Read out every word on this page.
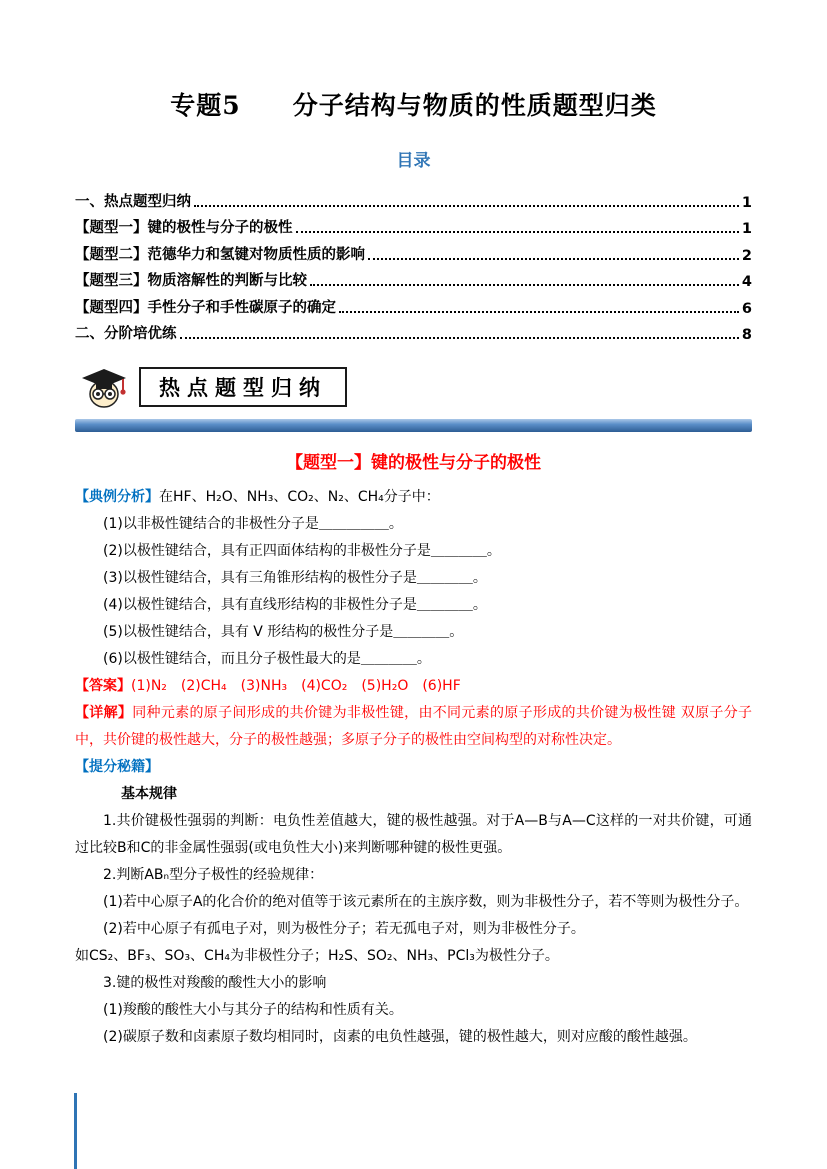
专题5　　分子结构与物质的性质题型归类
目录
一、热点题型归纳	1
【题型一】键的极性与分子的极性	1
【题型二】范德华力和氢键对物质性质的影响	2
【题型三】物质溶解性的判断与比较	4
【题型四】手性分子和手性碳原子的确定	6
二、分阶培优练	8
热点题型归纳
【题型一】键的极性与分子的极性

【典例分析】在HF、H₂O、NH₃、CO₂、N₂、CH₄分子中：

(1)以非极性键结合的非极性分子是＿＿＿＿＿。

(2)以极性键结合，具有正四面体结构的非极性分子是＿＿＿＿。

(3)以极性键结合，具有三角锥形结构的极性分子是＿＿＿＿。

(4)以极性键结合，具有直线形结构的非极性分子是＿＿＿＿。

(5)以极性键结合，具有 V 形结构的极性分子是＿＿＿＿。

(6)以极性键结合，而且分子极性最大的是＿＿＿＿。

【答案】(1)N₂　(2)CH₄　(3)NH₃　(4)CO₂　(5)H₂O　(6)HF

【详解】同种元素的原子间形成的共价键为非极性键，由不同元素的原子形成的共价键为极性键 双原子分子中，共价键的极性越大，分子的极性越强；多原子分子的极性由空间构型的对称性决定。

【提分秘籍】

基本规律

1.共价键极性强弱的判断：电负性差值越大，键的极性越强。对于A—B与A—C这样的一对共价键，可通过比较B和C的非金属性强弱(或电负性大小)来判断哪种键的极性更强。

2.判断ABₙ型分子极性的经验规律：

(1)若中心原子A的化合价的绝对值等于该元素所在的主族序数，则为非极性分子，若不等则为极性分子。

(2)若中心原子有孤电子对，则为极性分子；若无孤电子对，则为非极性分子。

如CS₂、BF₃、SO₃、CH₄为非极性分子；H₂S、SO₂、NH₃、PCl₃为极性分子。

3.键的极性对羧酸的酸性大小的影响

(1)羧酸的酸性大小与其分子的结构和性质有关。

(2)碳原子数和卤素原子数均相同时，卤素的电负性越强，键的极性越大，则对应酸的酸性越强。
